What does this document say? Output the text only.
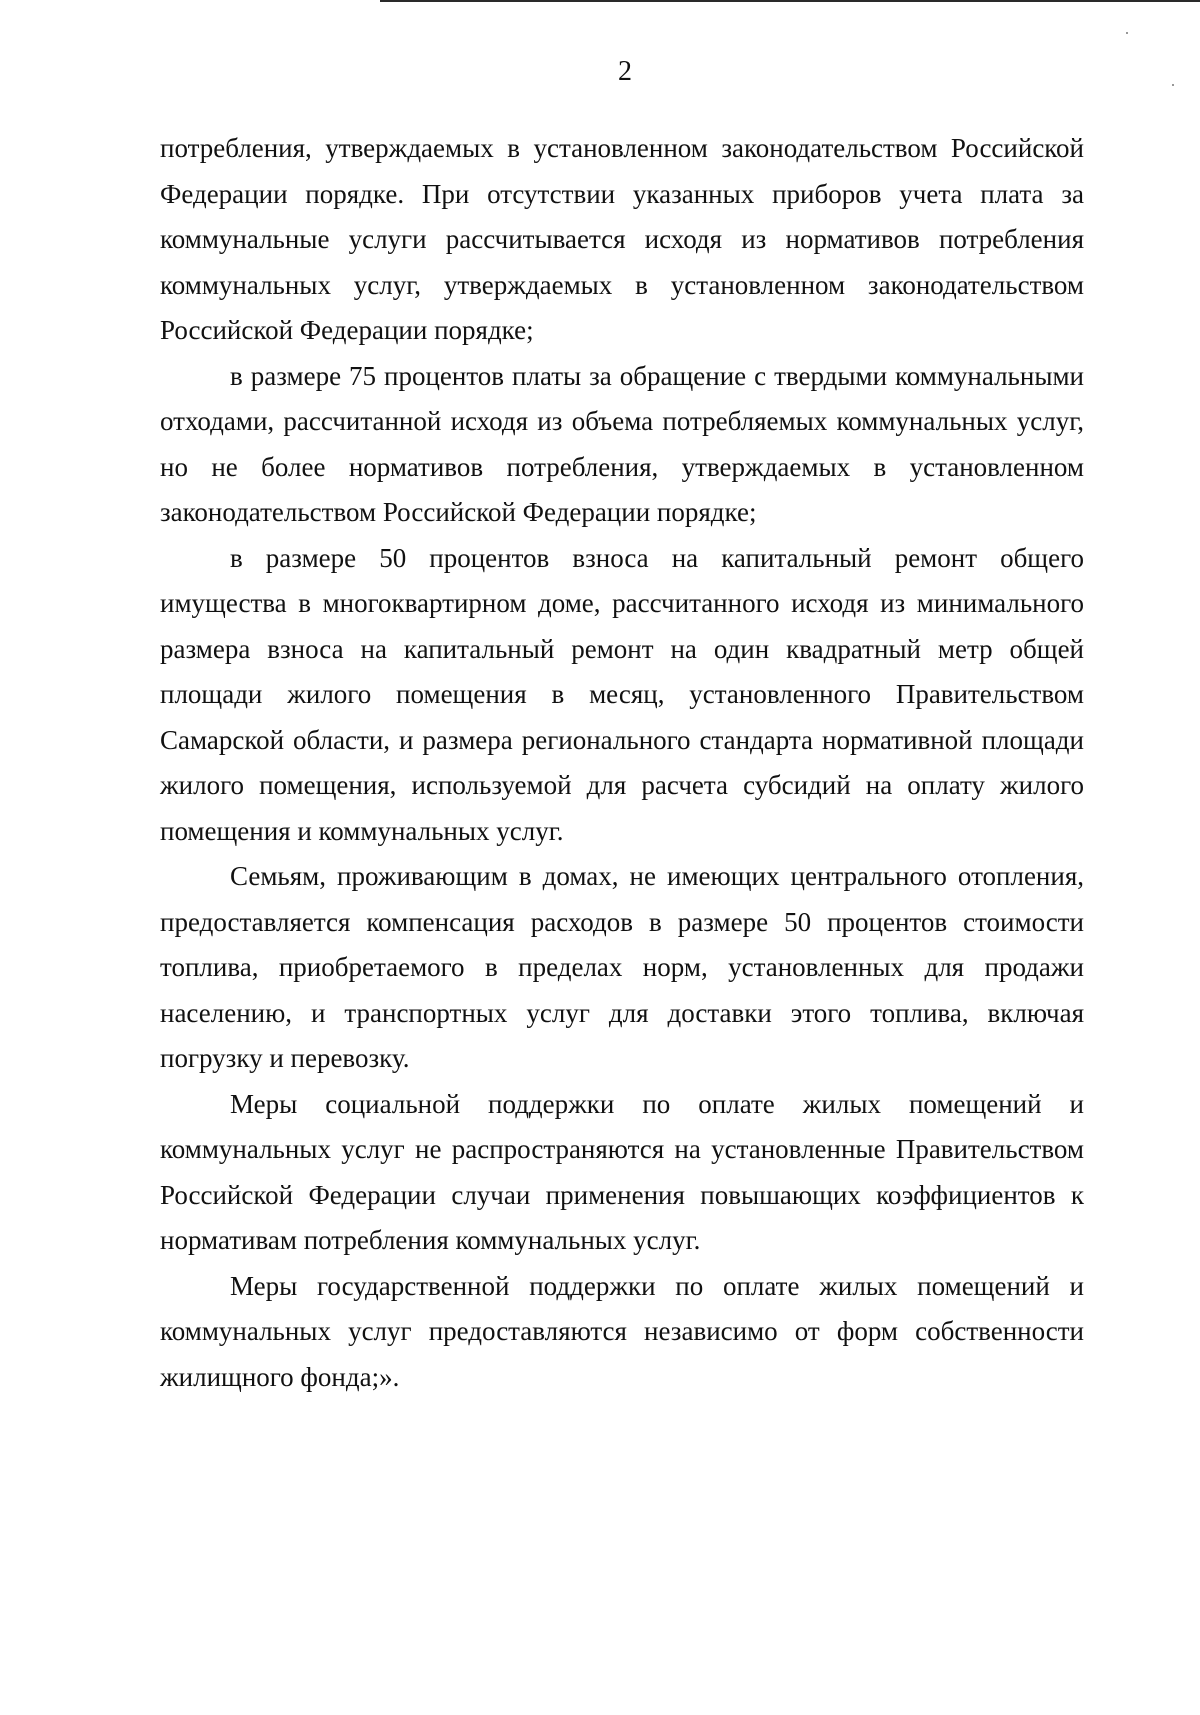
2

потребления, утверждаемых в установленном законодательством Российской Федерации порядке. При отсутствии указанных приборов учета плата за коммунальные услуги рассчитывается исходя из нормативов потребления коммунальных услуг, утверждаемых в установленном законодательством Российской Федерации порядке;

в размере 75 процентов платы за обращение с твердыми коммунальными отходами, рассчитанной исходя из объема потребляемых коммунальных услуг, но не более нормативов потребления, утверждаемых в установленном законодательством Российской Федерации порядке;

в размере 50 процентов взноса на капитальный ремонт общего имущества в многоквартирном доме, рассчитанного исходя из минимального размера взноса на капитальный ремонт на один квадратный метр общей площади жилого помещения в месяц, установленного Правительством Самарской области, и размера регионального стандарта нормативной площади жилого помещения, используемой для расчета субсидий на оплату жилого помещения и коммунальных услуг.

Семьям, проживающим в домах, не имеющих центрального отопления, предоставляется компенсация расходов в размере 50 процентов стоимости топлива, приобретаемого в пределах норм, установленных для продажи населению, и транспортных услуг для доставки этого топлива, включая погрузку и перевозку.

Меры социальной поддержки по оплате жилых помещений и коммунальных услуг не распространяются на установленные Правительством Российской Федерации случаи применения повышающих коэффициентов к нормативам потребления коммунальных услуг.

Меры государственной поддержки по оплате жилых помещений и коммунальных услуг предоставляются независимо от форм собственности жилищного фонда;».
